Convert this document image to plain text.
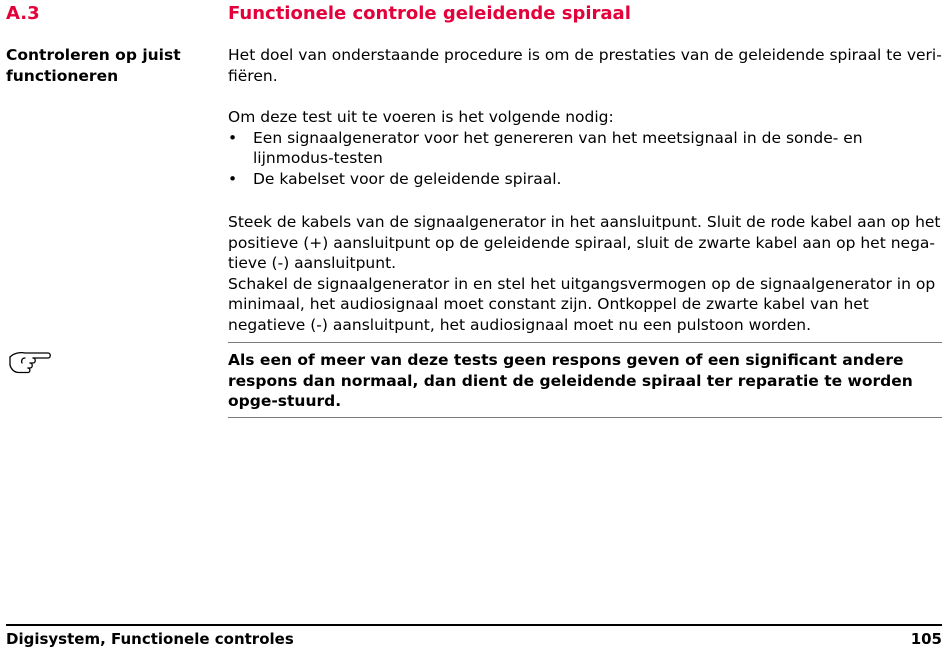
A.3	Functionele controle geleidende spiraal
Controleren op juist functioneren

Het doel van onderstaande procedure is om de prestaties van de geleidende spiraal te veri-fiëren.

Om deze test uit te voeren is het volgende nodig:

• Een signaalgenerator voor het genereren van het meetsignaal in de sonde- en lijnmodus-testen
• De kabelset voor de geleidende spiraal.

Steek de kabels van de signaalgenerator in het aansluitpunt. Sluit de rode kabel aan op het positieve (+) aansluitpunt op de geleidende spiraal, sluit de zwarte kabel aan op het nega-tieve (-) aansluitpunt.

Schakel de signaalgenerator in en stel het uitgangsvermogen op de signaalgenerator in op minimaal, het audiosignaal moet constant zijn. Ontkoppel de zwarte kabel van het negatieve (-) aansluitpunt, het audiosignaal moet nu een pulstoon worden.

Als een of meer van deze tests geen respons geven of een significant andere respons dan normaal, dan dient de geleidende spiraal ter reparatie te worden opge-stuurd.

Digisystem, Functionele controles	105
